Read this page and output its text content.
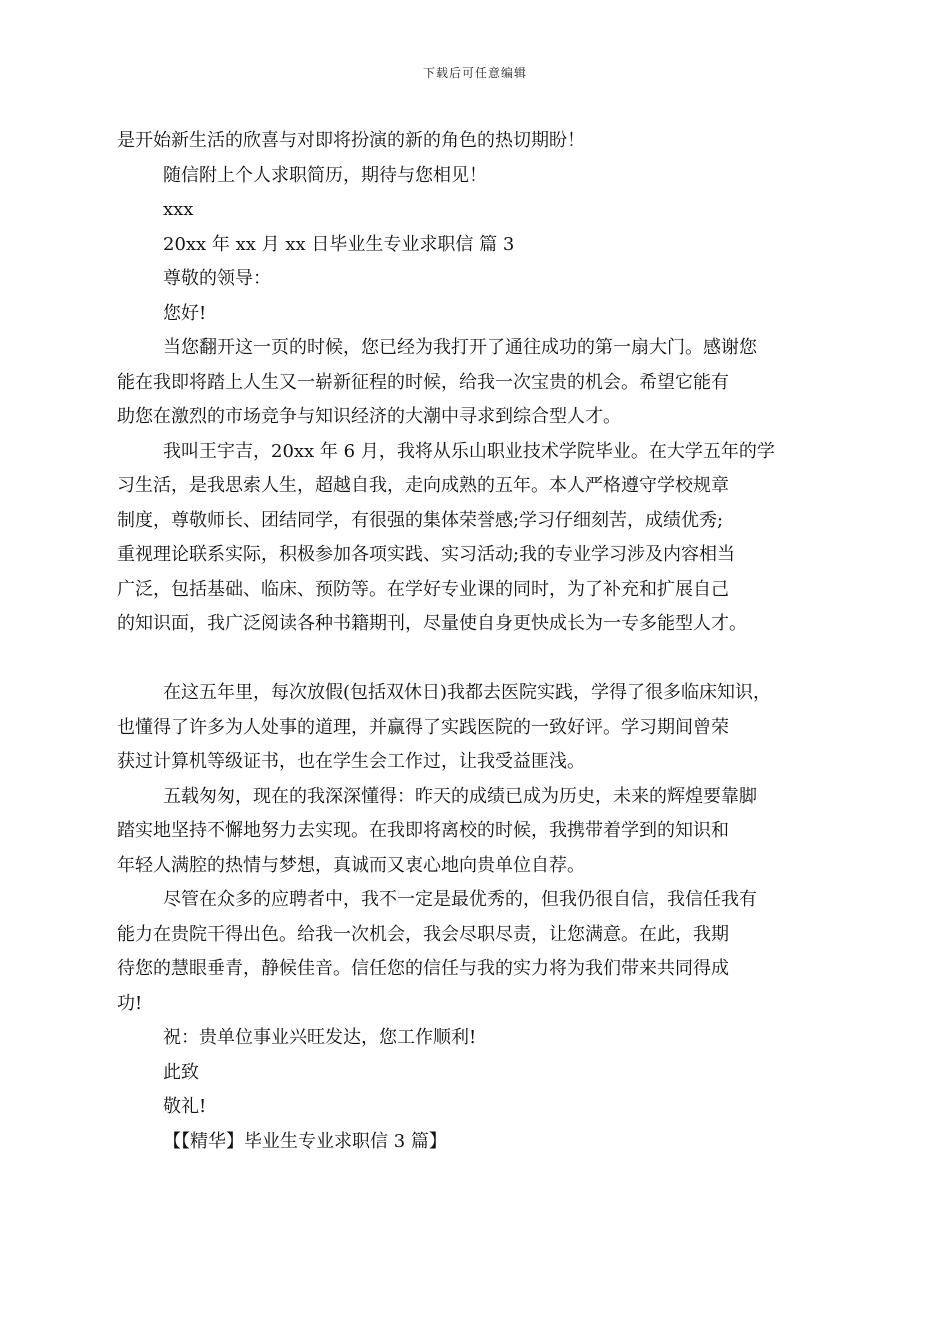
下载后可任意编辑
是开始新生活的欣喜与对即将扮演的新的角色的热切期盼！
随信附上个人求职简历，期待与您相见！
xxx
20xx 年 xx 月 xx 日毕业生专业求职信 篇 3
尊敬的领导：
您好!
当您翻开这一页的时候，您已经为我打开了通往成功的第一扇大门。感谢您
能在我即将踏上人生又一崭新征程的时候，给我一次宝贵的机会。希望它能有
助您在激烈的市场竞争与知识经济的大潮中寻求到综合型人才。
我叫王宇吉，20xx 年 6 月，我将从乐山职业技术学院毕业。在大学五年的学
习生活，是我思索人生，超越自我，走向成熟的五年。本人严格遵守学校规章
制度，尊敬师长、团结同学，有很强的集体荣誉感;学习仔细刻苦，成绩优秀;
重视理论联系实际，积极参加各项实践、实习活动;我的专业学习涉及内容相当
广泛，包括基础、临床、预防等。在学好专业课的同时，为了补充和扩展自己
的知识面，我广泛阅读各种书籍期刊，尽量使自身更快成长为一专多能型人才。
在这五年里，每次放假(包括双休日)我都去医院实践，学得了很多临床知识，
也懂得了许多为人处事的道理，并赢得了实践医院的一致好评。学习期间曾荣
获过计算机等级证书，也在学生会工作过，让我受益匪浅。
五载匆匆，现在的我深深懂得：昨天的成绩已成为历史，未来的辉煌要靠脚
踏实地坚持不懈地努力去实现。在我即将离校的时候，我携带着学到的知识和
年轻人满腔的热情与梦想，真诚而又衷心地向贵单位自荐。
尽管在众多的应聘者中，我不一定是最优秀的，但我仍很自信，我信任我有
能力在贵院干得出色。给我一次机会，我会尽职尽责，让您满意。在此，我期
待您的慧眼垂青，静候佳音。信任您的信任与我的实力将为我们带来共同得成
功!
祝：贵单位事业兴旺发达，您工作顺利!
此致
敬礼!
【【精华】毕业生专业求职信 3 篇】
